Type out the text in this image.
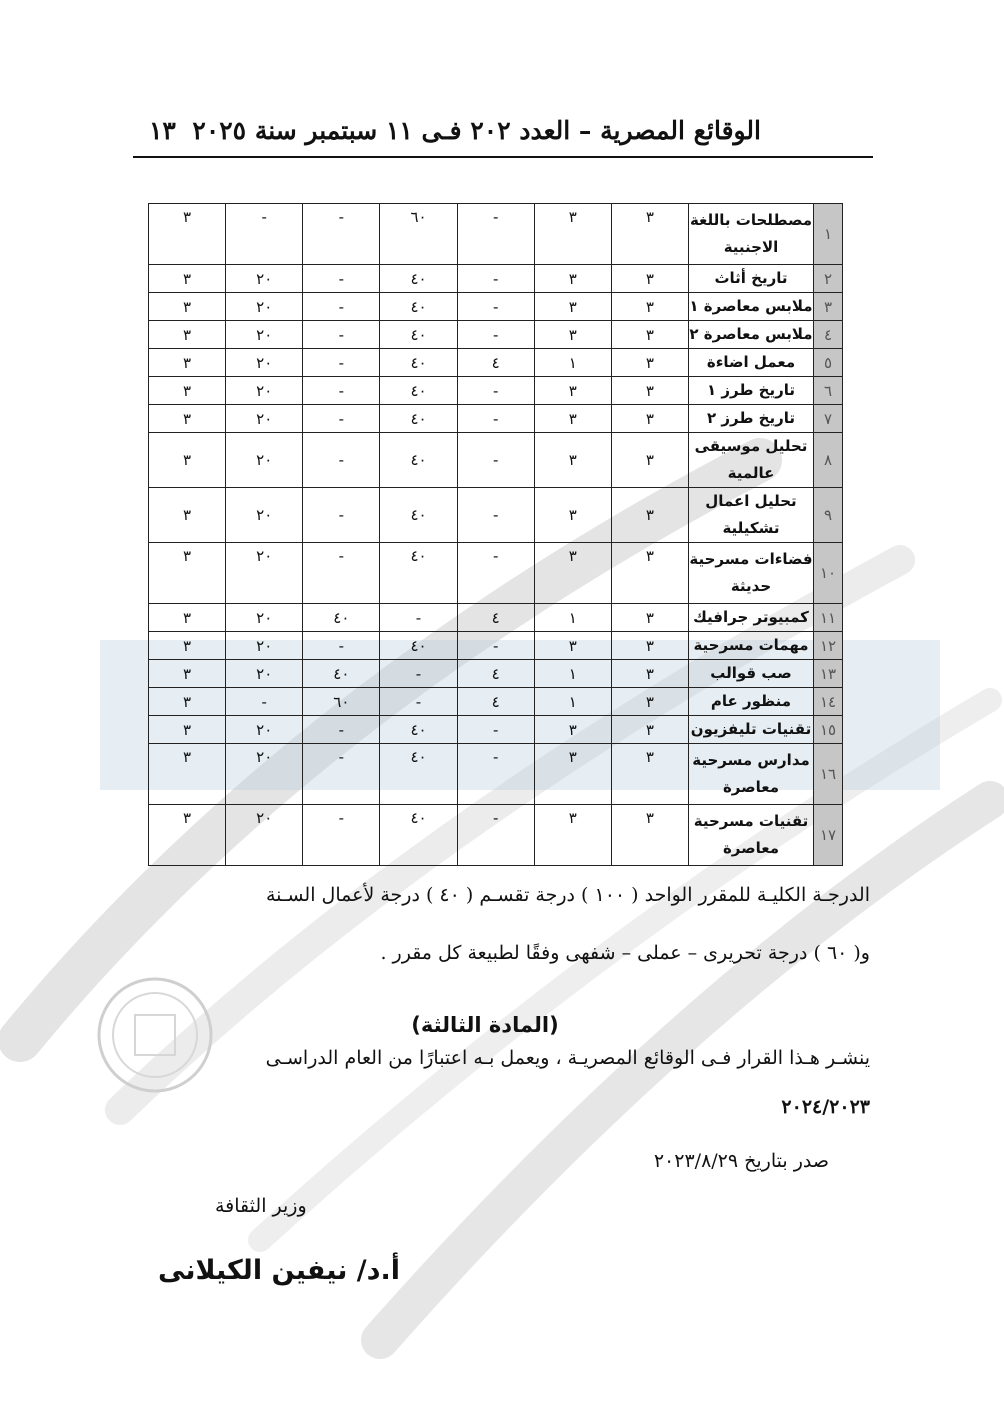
الوقائع المصرية – العدد ٢٠٢ فـى ١١ سبتمبر سنة ٢٠٢٥
١٣
١	مصطلحات باللغة الاجنبية	٣	٣	-	٦٠	-	-	٣
٢	تاريخ أثاث	٣	٣	-	٤٠	-	٢٠	٣
٣	ملابس معاصرة ١	٣	٣	-	٤٠	-	٢٠	٣
٤	ملابس معاصرة ٢	٣	٣	-	٤٠	-	٢٠	٣
٥	معمل اضاءة	٣	١	٤	٤٠	-	٢٠	٣
٦	تاريخ طرز ١	٣	٣	-	٤٠	-	٢٠	٣
٧	تاريخ طرز ٢	٣	٣	-	٤٠	-	٢٠	٣
٨	تحليل موسيقى عالمية	٣	٣	-	٤٠	-	٢٠	٣
٩	تحليل اعمال تشكيلية	٣	٣	-	٤٠	-	٢٠	٣
١٠	فضاءات مسرحية حديثة	٣	٣	-	٤٠	-	٢٠	٣
١١	كمبيوتر جرافيك	٣	١	٤	-	٤٠	٢٠	٣
١٢	مهمات مسرحية	٣	٣	-	٤٠	-	٢٠	٣
١٣	صب قوالب	٣	١	٤	-	٤٠	٢٠	٣
١٤	منظور عام	٣	١	٤	-	٦٠	-	٣
١٥	تقنيات تليفزيون	٣	٣	-	٤٠	-	٢٠	٣
١٦	مدارس مسرحية معاصرة	٣	٣	-	٤٠	-	٢٠	٣
١٧	تقنيات مسرحية معاصرة	٣	٣	-	٤٠	-	٢٠	٣
الدرجـة الكليـة للمقرر الواحد ( ١٠٠ ) درجة تقسـم ( ٤٠ ) درجة لأعمال السـنة
و( ٦٠ ) درجة تحريرى – عملى – شفهى وفقًا لطبيعة كل مقرر .
(المادة الثالثة)
ينشـر هـذا القرار فـى الوقائع المصريـة ، ويعمل بـه اعتبارًا من العام الدراسـى
٢٠٢٤/٢٠٢٣
صدر بتاريخ ٢٠٢٣/٨/٢٩
وزير الثقافة
أ.د/ نيفين الكيلانى
